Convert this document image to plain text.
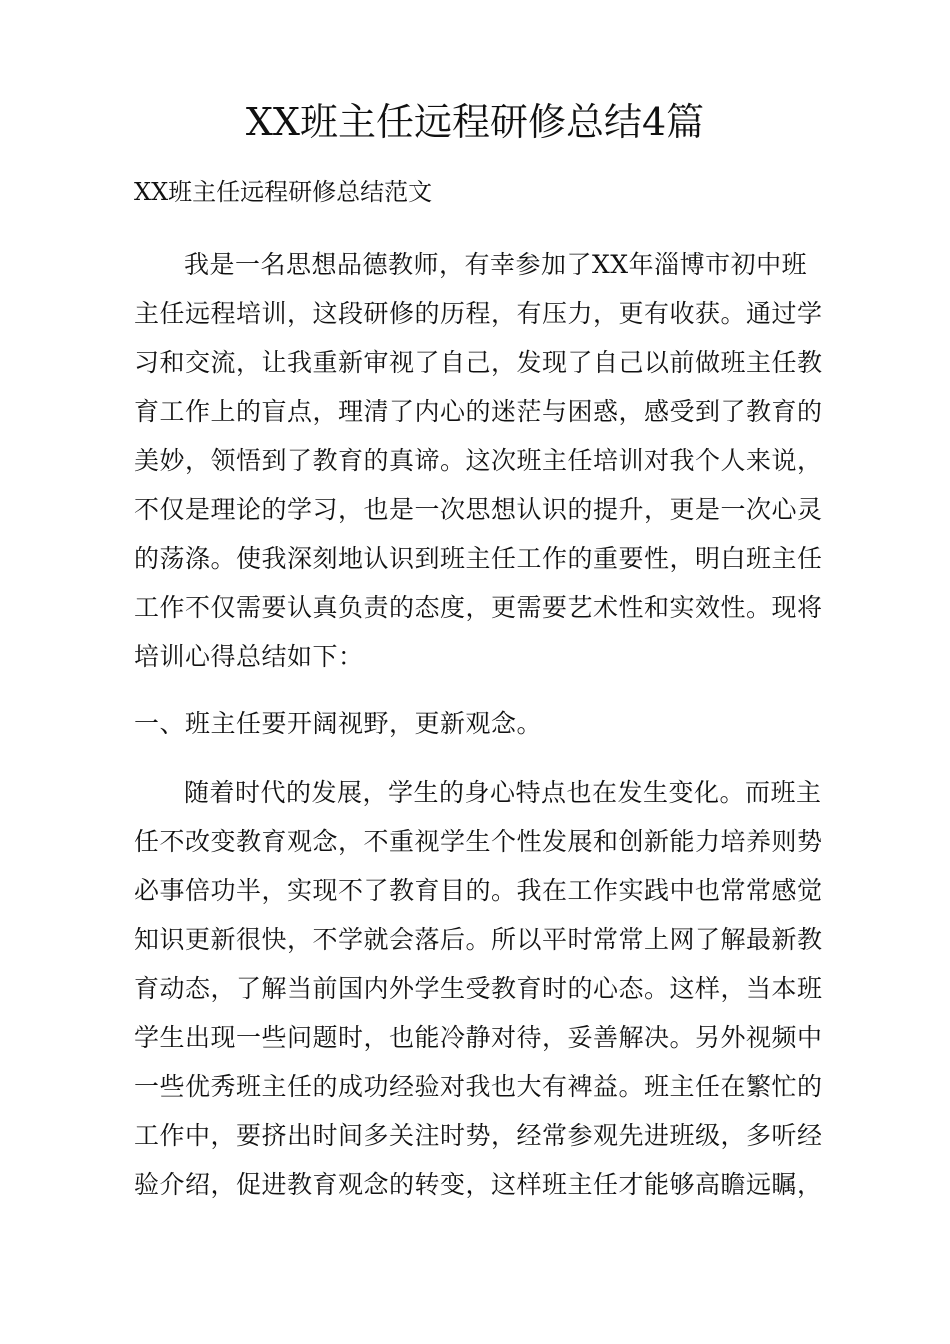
XX班主任远程研修总结4篇

XX班主任远程研修总结范文

我是一名思想品德教师，有幸参加了XX年淄博市初中班
主任远程培训，这段研修的历程，有压力，更有收获。通过学
习和交流，让我重新审视了自己，发现了自己以前做班主任教
育工作上的盲点，理清了内心的迷茫与困惑，感受到了教育的
美妙，领悟到了教育的真谛。这次班主任培训对我个人来说，
不仅是理论的学习，也是一次思想认识的提升，更是一次心灵
的荡涤。使我深刻地认识到班主任工作的重要性，明白班主任
工作不仅需要认真负责的态度，更需要艺术性和实效性。现将
培训心得总结如下：

一、班主任要开阔视野，更新观念。

随着时代的发展，学生的身心特点也在发生变化。而班主
任不改变教育观念，不重视学生个性发展和创新能力培养则势
必事倍功半，实现不了教育目的。我在工作实践中也常常感觉
知识更新很快，不学就会落后。所以平时常常上网了解最新教
育动态，了解当前国内外学生受教育时的心态。这样，当本班
学生出现一些问题时，也能冷静对待，妥善解决。另外视频中
一些优秀班主任的成功经验对我也大有裨益。班主任在繁忙的
工作中，要挤出时间多关注时势，经常参观先进班级，多听经
验介绍，促进教育观念的转变，这样班主任才能够高瞻远瞩，
